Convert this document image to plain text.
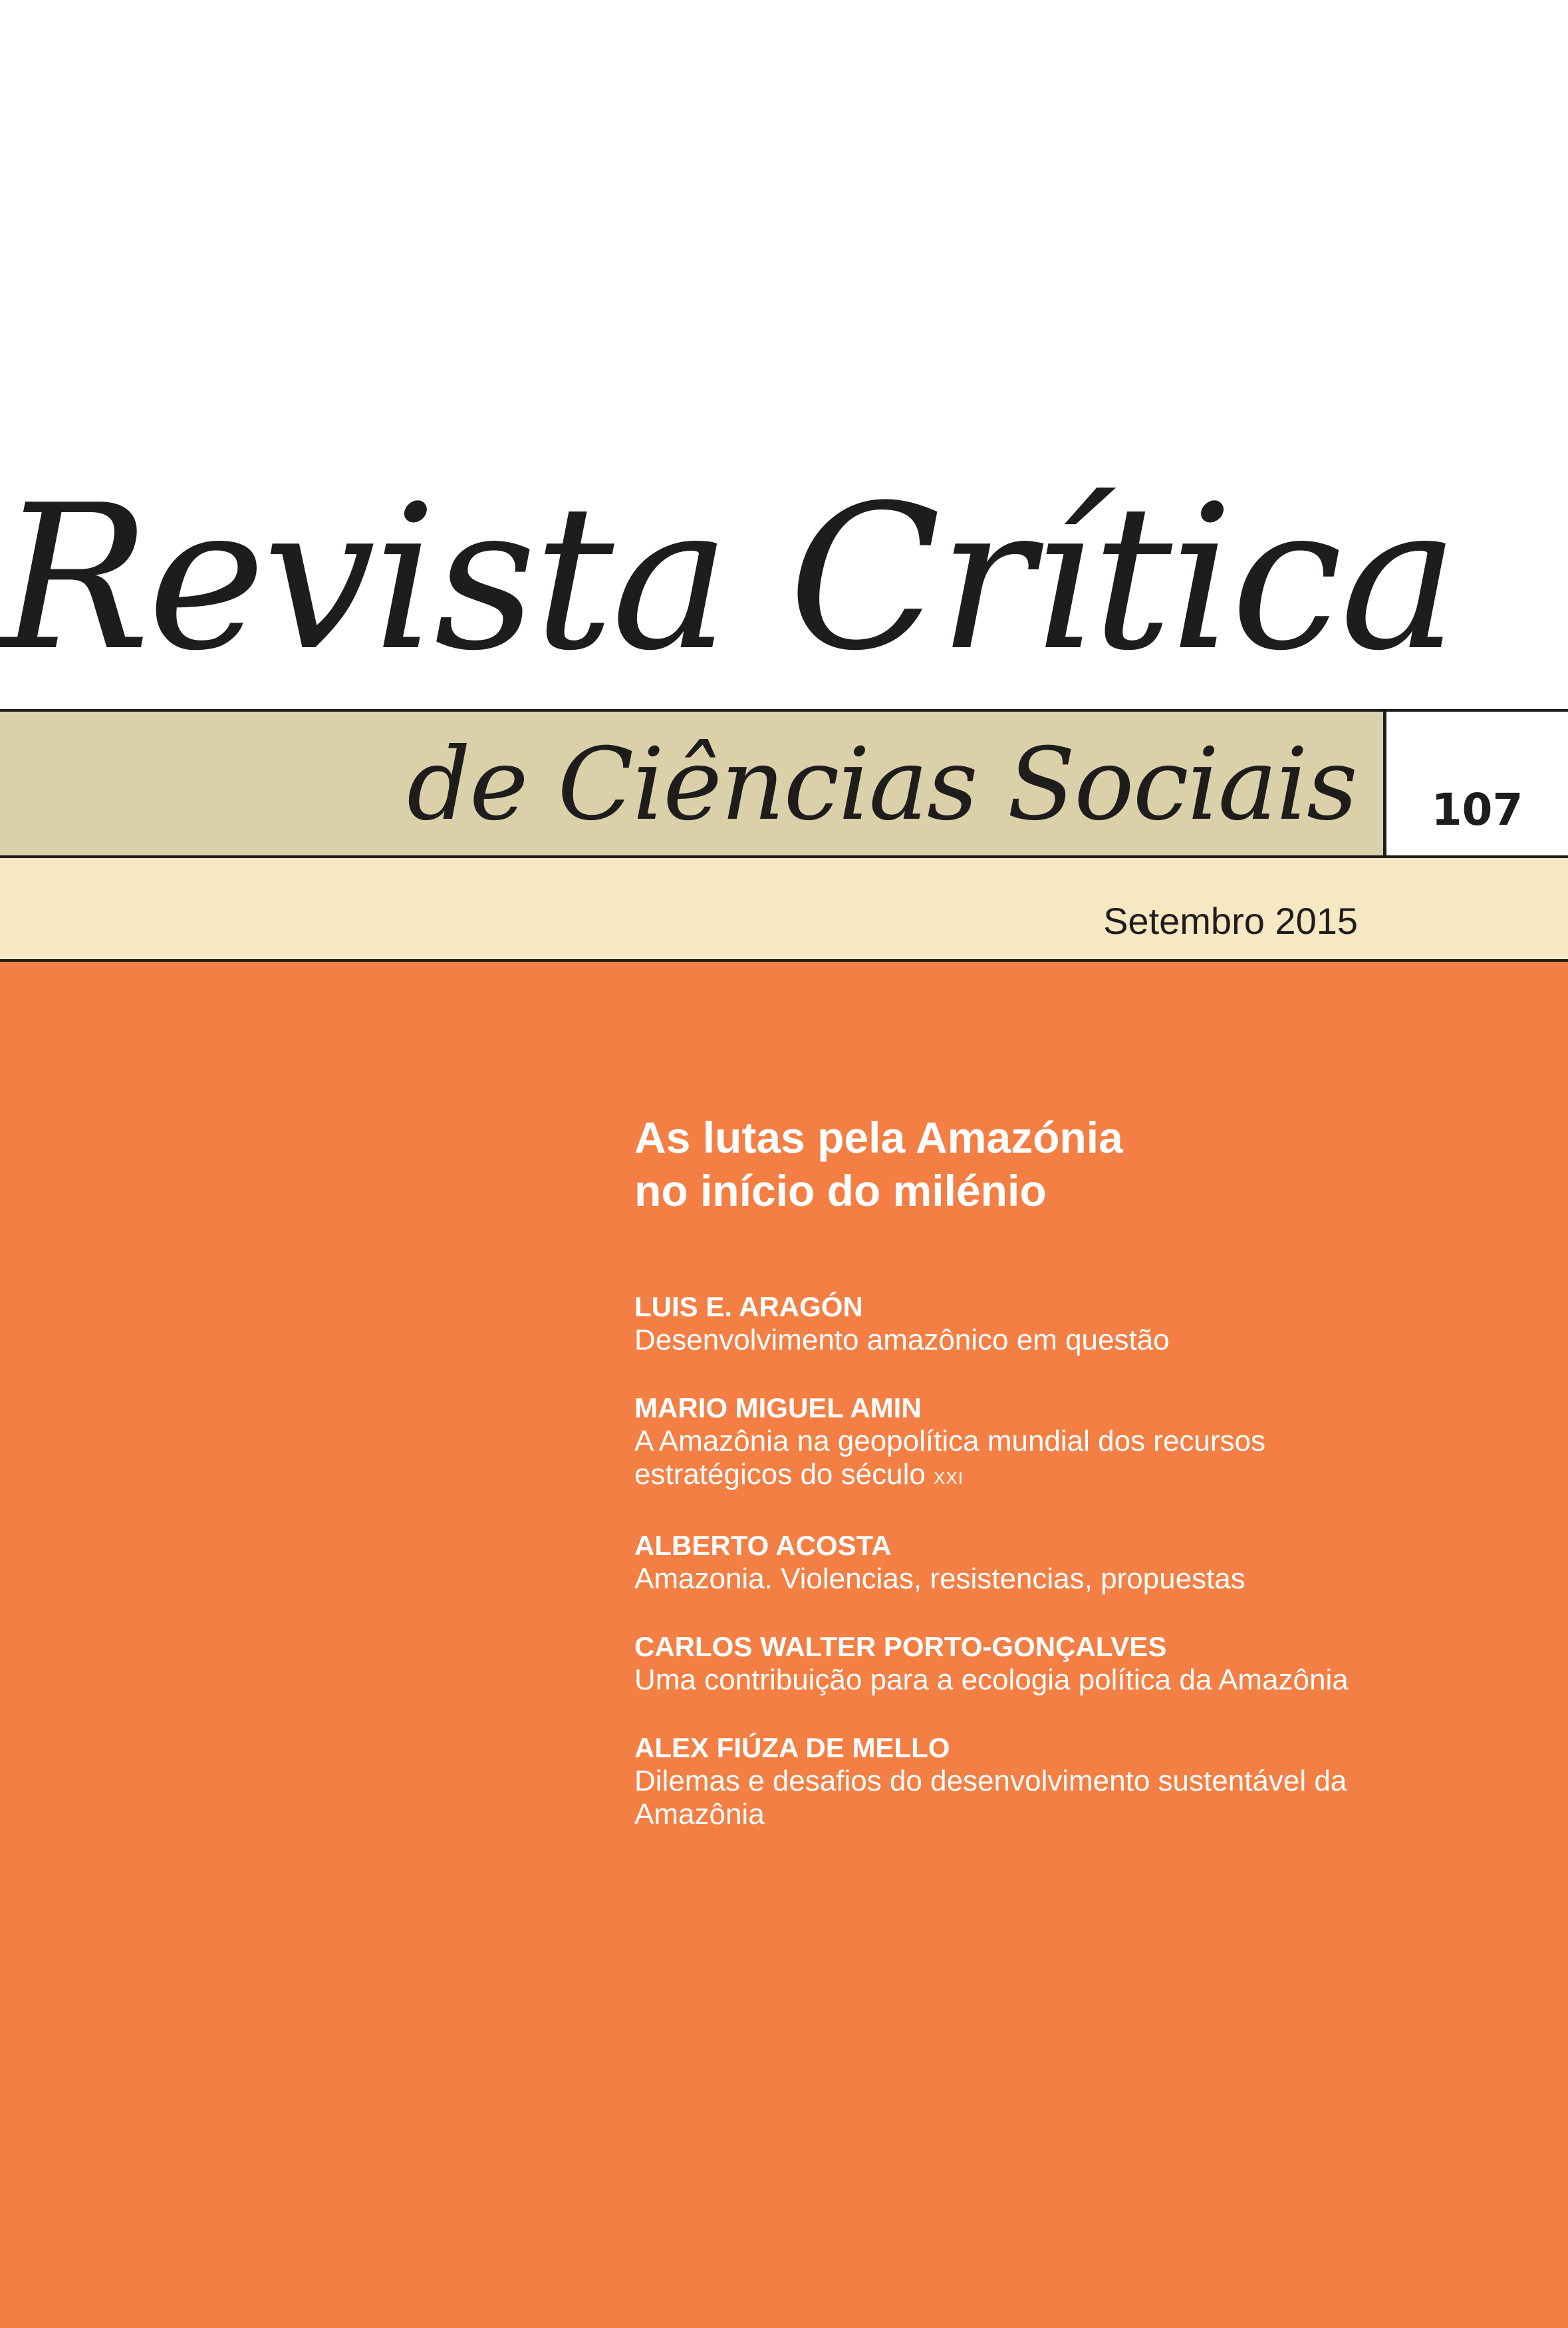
Revista Crítica
de Ciências Sociais	107
Setembro 2015
As lutas pela Amazónia
no início do milénio
LUIS E. ARAGÓN
Desenvolvimento amazônico em questão
MARIO MIGUEL AMIN
A Amazônia na geopolítica mundial dos recursos estratégicos do século XXI
ALBERTO ACOSTA
Amazonia. Violencias, resistencias, propuestas
CARLOS WALTER PORTO-GONÇALVES
Uma contribuição para a ecologia política da Amazônia
ALEX FIÚZA DE MELLO
Dilemas e desafios do desenvolvimento sustentável da Amazônia
